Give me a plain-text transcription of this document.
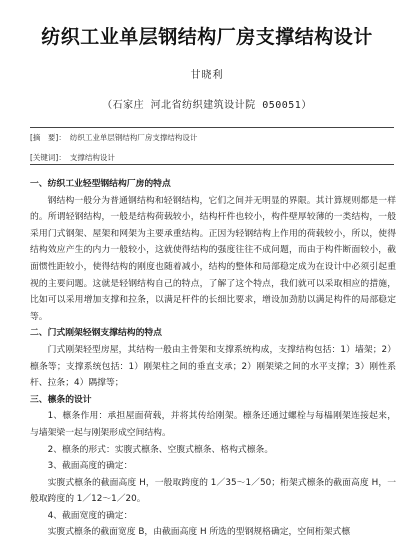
纺织工业单层钢结构厂房支撑结构设计
甘晓利
（石家庄 河北省纺织建筑设计院 050051）
[摘　要]： 纺织工业单层钢结构厂房支撑结构设计
[关键词]： 支撑结构设计

一、纺织工业轻型钢结构厂房的特点

钢结构一般分为普通钢结构和轻钢结构，它们之间并无明显的界限。其计算规则都是一样的。所谓轻钢结构，一般是结构荷载较小，结构杆件也较小，构件壁厚较薄的一类结构，一般采用门式钢架、屋架和网架为主要承重结构。正因为轻钢结构上作用的荷载较小，所以，使得结构效应产生的内力一般较小，这就使得结构的强度往往不成问题，而由于构件断面较小，截面惯性距较小，使得结构的刚度也随着减小，结构的整体和局部稳定成为在设计中必须引起重视的主要问题。这就是轻钢结构自己的特点，了解了这个特点，我们就可以采取相应的措施，比如可以采用增加支撑和拉条，以满足杆件的长细比要求，增设加劲肋以满足构件的局部稳定等。

二、门式刚架轻钢支撑结构的特点

门式刚架轻型房屋，其结构一般由主骨架和支撑系统构成，支撑结构包括：1）墙架；2）檩条等；支撑系统包括：1）刚架柱之间的垂直支承；2）刚架梁之间的水平支撑；3）刚性系杆、拉条；4）隅撑等；

三、檩条的设计

1、檩条作用：承担屋面荷载，并将其传给刚架。檩条还通过螺栓与每榀刚架连接起来，与墙架梁一起与刚架形成空间结构。

2、檩条的形式：实腹式檩条、空腹式檩条、格构式檩条。

3、截面高度的确定：

实腹式檩条的截面高度 H，一般取跨度的 1／35～1／50；桁架式檩条的截面高度 H，一般取跨度的 1／12～1／20。

4、截面宽度的确定：

实腹式檩条的截面宽度 B，由截面高度 H 所选的型钢规格确定，空间桁架式檩
